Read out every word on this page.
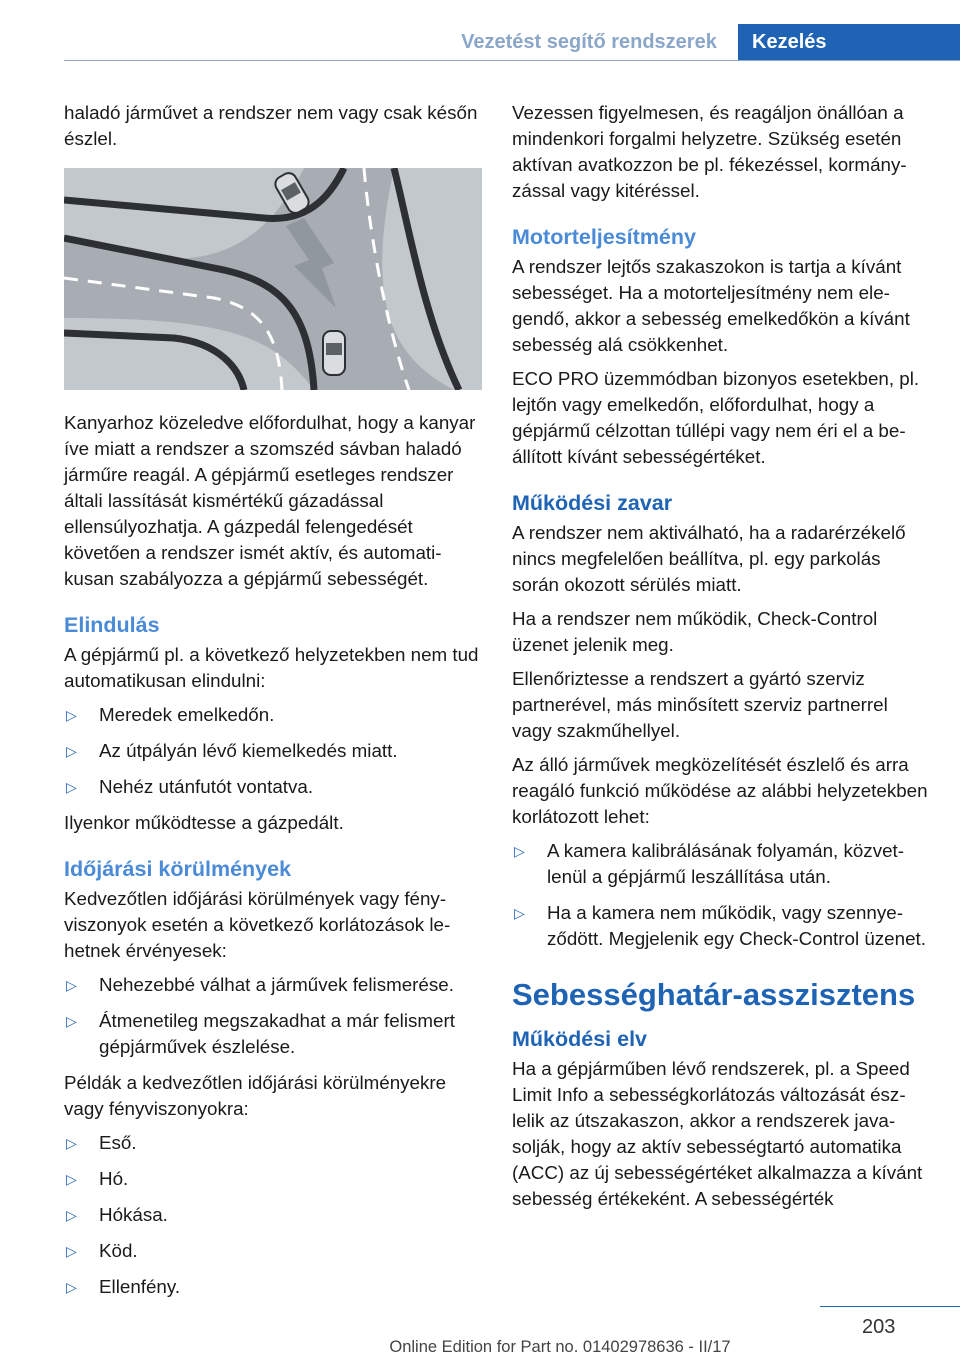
Vezetést segítő rendszerek	Kezelés

haladó járművet a rendszer nem vagy csak későn észlel.

Kanyarhoz közeledve előfordulhat, hogy a kanyar íve miatt a rendszer a szomszéd sávban haladó járműre reagál. A gépjármű esetleges rendszer általi lassítását kismértékű gázadással ellensúlyozhatja. A gázpedál felengedését követően a rendszer ismét aktív, és automatikusan szabályozza a gépjármű sebességét.

Elindulás

A gépjármű pl. a következő helyzetekben nem tud automatikusan elindulni:

▷ Meredek emelkedőn.
▷ Az útpályán lévő kiemelkedés miatt.
▷ Nehéz utánfutót vontatva.

Ilyenkor működtesse a gázpedált.

Időjárási körülmények

Kedvezőtlen időjárási körülmények vagy fényviszonyok esetén a következő korlátozások lehetnek érvényesek:

▷ Nehezebbé válhat a járművek felismerése.
▷ Átmenetileg megszakadhat a már felismert gépjárművek észlelése.

Példák a kedvezőtlen időjárási körülményekre vagy fényviszonyokra:

▷ Eső.
▷ Hó.
▷ Hókása.
▷ Köd.
▷ Ellenfény.

Vezessen figyelmesen, és reagáljon önállóan a mindenkori forgalmi helyzetre. Szükség esetén aktívan avatkozzon be pl. fékezéssel, kormányzással vagy kitéréssel.

Motorteljesítmény

A rendszer lejtős szakaszokon is tartja a kívánt sebességet. Ha a motorteljesítmény nem elegendő, akkor a sebesség emelkedőkön a kívánt sebesség alá csökkenhet.

ECO PRO üzemmódban bizonyos esetekben, pl. lejtőn vagy emelkedőn, előfordulhat, hogy a gépjármű célzottan túllépi vagy nem éri el a beállított kívánt sebességértéket.

Működési zavar

A rendszer nem aktiválható, ha a radarérzékelő nincs megfelelően beállítva, pl. egy parkolás során okozott sérülés miatt.

Ha a rendszer nem működik, Check-Control üzenet jelenik meg.

Ellenőriztesse a rendszert a gyártó szerviz partnerével, más minősített szerviz partnerrel vagy szakműhellyel.

Az álló járművek megközelítését észlelő és arra reagáló funkció működése az alábbi helyzetekben korlátozott lehet:

▷ A kamera kalibrálásának folyamán, közvetlenül a gépjármű leszállítása után.
▷ Ha a kamera nem működik, vagy szennyeződött. Megjelenik egy Check-Control üzenet.
Sebességhatár-asszisztens
Működési elv

Ha a gépjárműben lévő rendszerek, pl. a Speed Limit Info a sebességkorlátozás változását észlelik az útszakaszon, akkor a rendszerek javasolják, hogy az aktív sebességtartó automatika (ACC) az új sebességértéket alkalmazza a kívánt sebesség értékeként. A sebességérték

203
Online Edition for Part no. 01402978636 - II/17
